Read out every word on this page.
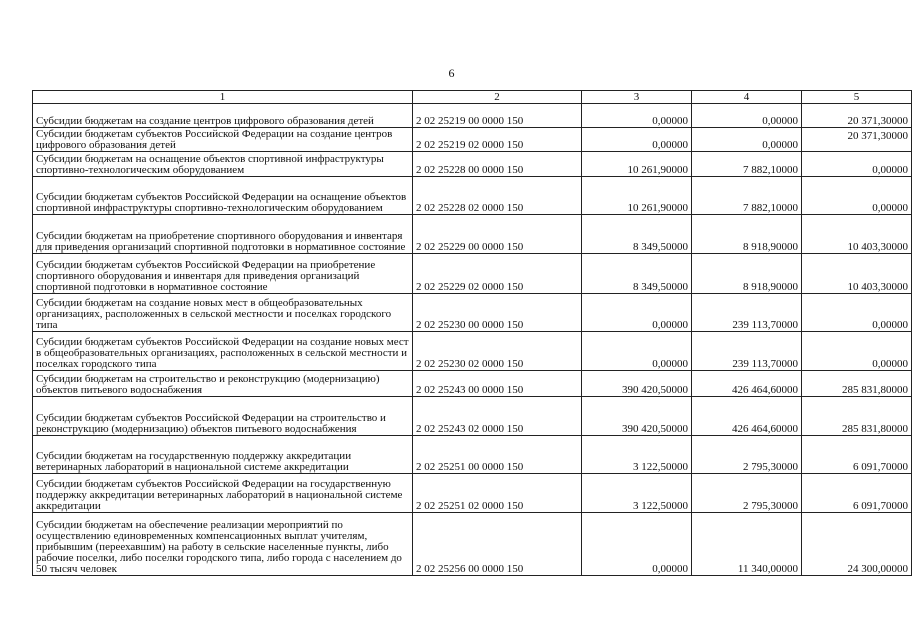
6
1	2	3	4	5
Субсидии бюджетам на создание центров цифрового образования детей	2 02 25219 00 0000 150	0,00000	0,00000	20 371,30000
Субсидии бюджетам субъектов Российской Федерации на создание центров цифрового образования детей	2 02 25219 02 0000 150	0,00000	0,00000	20 371,30000
Субсидии бюджетам на оснащение объектов спортивной инфраструктуры спортивно-технологическим оборудованием	2 02 25228 00 0000 150	10 261,90000	7 882,10000	0,00000
Субсидии бюджетам субъектов Российской Федерации на оснащение объектов спортивной инфраструктуры спортивно-технологическим оборудованием	2 02 25228 02 0000 150	10 261,90000	7 882,10000	0,00000
Субсидии бюджетам на приобретение спортивного оборудования и инвентаря для приведения организаций спортивной подготовки в нормативное состояние	2 02 25229 00 0000 150	8 349,50000	8 918,90000	10 403,30000
Субсидии бюджетам субъектов Российской Федерации на приобретение спортивного оборудования и инвентаря для приведения организаций спортивной подготовки в нормативное состояние	2 02 25229 02 0000 150	8 349,50000	8 918,90000	10 403,30000
Субсидии бюджетам на создание новых мест в общеобразовательных организациях, расположенных в сельской местности и поселках городского типа	2 02 25230 00 0000 150	0,00000	239 113,70000	0,00000
Субсидии бюджетам субъектов Российской Федерации на создание новых мест в общеобразовательных организациях, расположенных в сельской местности и поселках городского типа	2 02 25230 02 0000 150	0,00000	239 113,70000	0,00000
Субсидии бюджетам на строительство и реконструкцию (модернизацию) объектов питьевого водоснабжения	2 02 25243 00 0000 150	390 420,50000	426 464,60000	285 831,80000
Субсидии бюджетам субъектов Российской Федерации на строительство и реконструкцию (модернизацию) объектов питьевого водоснабжения	2 02 25243 02 0000 150	390 420,50000	426 464,60000	285 831,80000
Субсидии бюджетам на государственную поддержку аккредитации ветеринарных лабораторий в национальной системе аккредитации	2 02 25251 00 0000 150	3 122,50000	2 795,30000	6 091,70000
Субсидии бюджетам субъектов Российской Федерации на государственную поддержку аккредитации ветеринарных лабораторий в национальной системе аккредитации	2 02 25251 02 0000 150	3 122,50000	2 795,30000	6 091,70000
Субсидии бюджетам на обеспечение реализации мероприятий по осуществлению единовременных компенсационных выплат учителям, прибывшим (переехавшим) на работу в сельские населенные пункты, либо рабочие поселки, либо поселки городского типа, либо города с населением до 50 тысяч человек	2 02 25256 00 0000 150	0,00000	11 340,00000	24 300,00000
